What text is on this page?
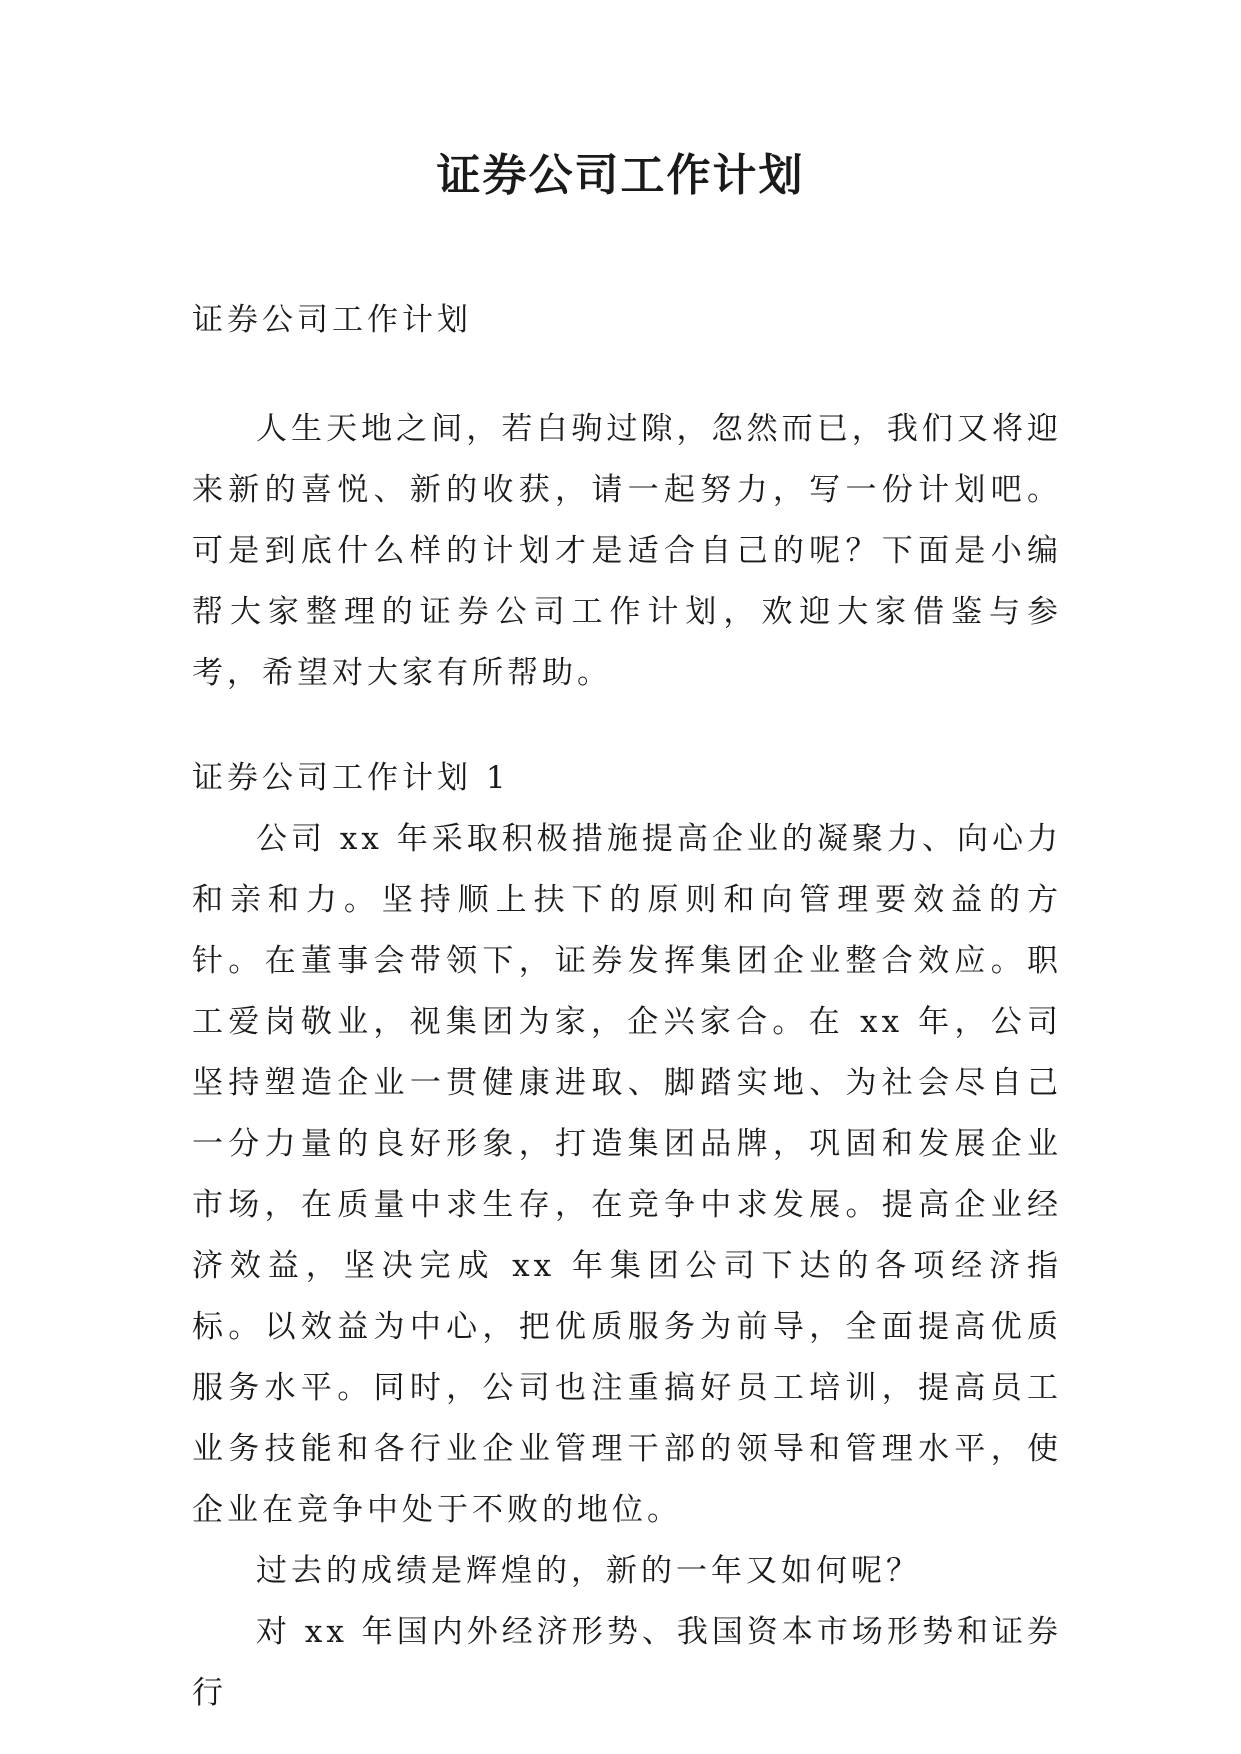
证券公司工作计划

证券公司工作计划

人生天地之间，若白驹过隙，忽然而已，我们又将迎来新的喜悦、新的收获，请一起努力，写一份计划吧。可是到底什么样的计划才是适合自己的呢？下面是小编帮大家整理的证券公司工作计划，欢迎大家借鉴与参考，希望对大家有所帮助。

证券公司工作计划 1

公司 xx 年采取积极措施提高企业的凝聚力、向心力和亲和力。坚持顺上扶下的原则和向管理要效益的方针。在董事会带领下，证券发挥集团企业整合效应。职工爱岗敬业，视集团为家，企兴家合。在 xx 年，公司坚持塑造企业一贯健康进取、脚踏实地、为社会尽自己一分力量的良好形象，打造集团品牌，巩固和发展企业市场，在质量中求生存，在竞争中求发展。提高企业经济效益，坚决完成 xx 年集团公司下达的各项经济指标。以效益为中心，把优质服务为前导，全面提高优质服务水平。同时，公司也注重搞好员工培训，提高员工业务技能和各行业企业管理干部的领导和管理水平，使企业在竞争中处于不败的地位。

过去的成绩是辉煌的，新的一年又如何呢？

对 xx 年国内外经济形势、我国资本市场形势和证券行
